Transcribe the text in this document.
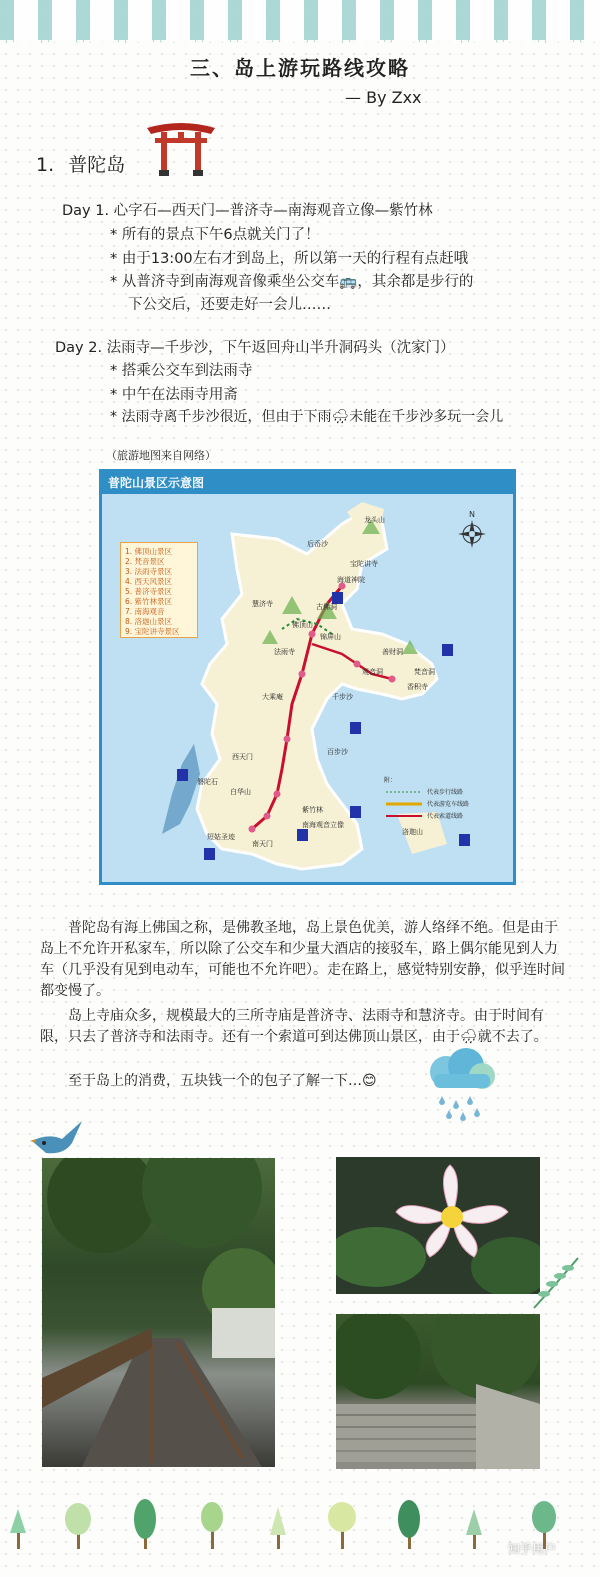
三、岛上游玩路线攻略
— By Zxx
1. 普陀岛
Day 1. 心字石—西天门—普济寺—南海观音立像—紫竹林
* 所有的景点下午6点就关门了！
* 由于13:00左右才到岛上，所以第一天的行程有点赶哦
* 从普济寺到南海观音像乘坐公交车🚌，其余都是步行的
下公交后，还要走好一会儿……
Day 2. 法雨寺—千步沙，下午返回舟山半升洞码头（沈家门）
* 搭乘公交车到法雨寺
* 中午在法雨寺用斋
* 法雨寺离千步沙很近，但由于下雨🌧未能在千步沙多玩一会儿
（旅游地图来自网络）
普陀山景区示意图
N
附：
代表步行线路
代表游览车线路
代表索道线路
1. 佛顶山景区
2. 梵音景区
3. 法雨寺景区
4. 西天风景区
5. 普济寺景区
6. 紫竹林景区
7. 南海观音
8. 洛迦山景区
9. 宝陀讲寺景区
龙头山
后岙沙
宝陀讲寺
海道神院
慧济寺	古佛洞
佛顶山
锦屏山
法雨寺
梵音洞
善财洞
观音洞
香积寺
千步沙
大乘庵
百步沙
西天门
白华山
紫竹林
南天门
短姑圣迹
洛迦山
磐陀石
南海观音立像
普陀岛有海上佛国之称，是佛教圣地，岛上景色优美，游人络绎不绝。但是由于岛上不允许开私家车，所以除了公交车和少量大酒店的接驳车，路上偶尔能见到人力车（几乎没有见到电动车，可能也不允许吧）。走在路上，感觉特别安静，似乎连时间都变慢了。
岛上寺庙众多，规模最大的三所寺庙是普济寺、法雨寺和慧济寺。由于时间有限，只去了普济寺和法雨寺。还有一个索道可到达佛顶山景区，由于🌧就不去了。
至于岛上的消费，五块钱一个的包子了解一下…😊
知乎用户
